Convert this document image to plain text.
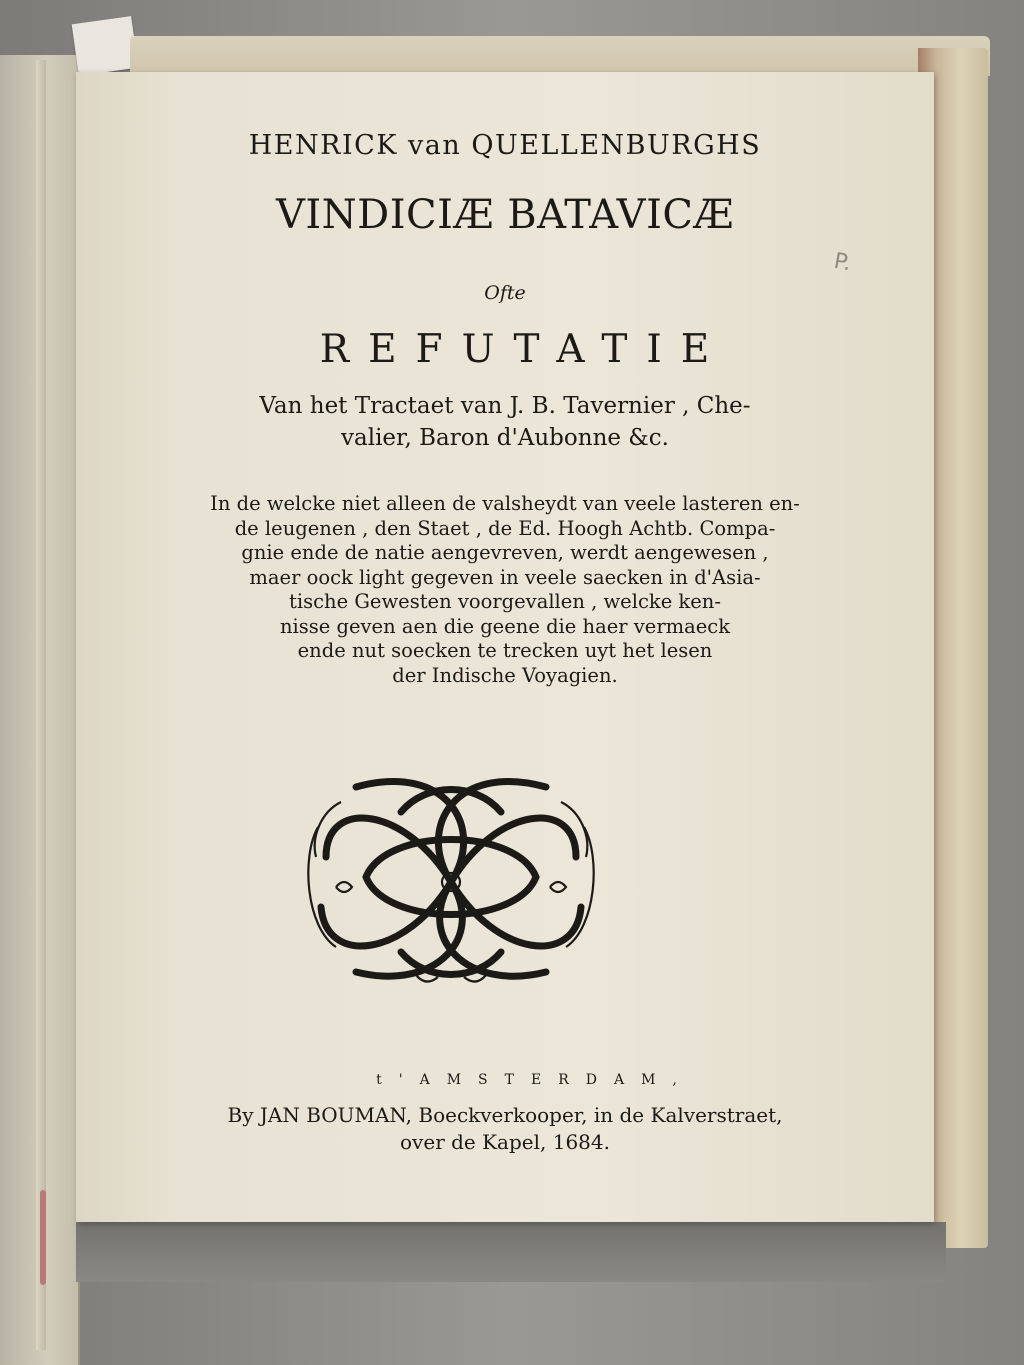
HENRICK van QUELLENBURGHS
VINDICIÆ BATAVICÆ
Ofte
REFUTATIE
Van het Tractaet van J. B. Tavernier , Che-
valier, Baron d'Aubonne &c.
In de welcke niet alleen de valsheydt van veele lasteren en-
de leugenen , den Staet , de Ed. Hoogh Achtb. Compa-
gnie ende de natie aengevreven, werdt aengewesen ,
maer oock light gegeven in veele saecken in d'Asia-
tische Gewesten voorgevallen , welcke ken-
nisse geven aen die geene die haer vermaeck
ende nut soecken te trecken uyt het lesen
der Indische Voyagien.
t'AMSTERDAM,
By JAN BOUMAN, Boeckverkooper, in de Kalverstraet,
over de Kapel, 1684.
P.
